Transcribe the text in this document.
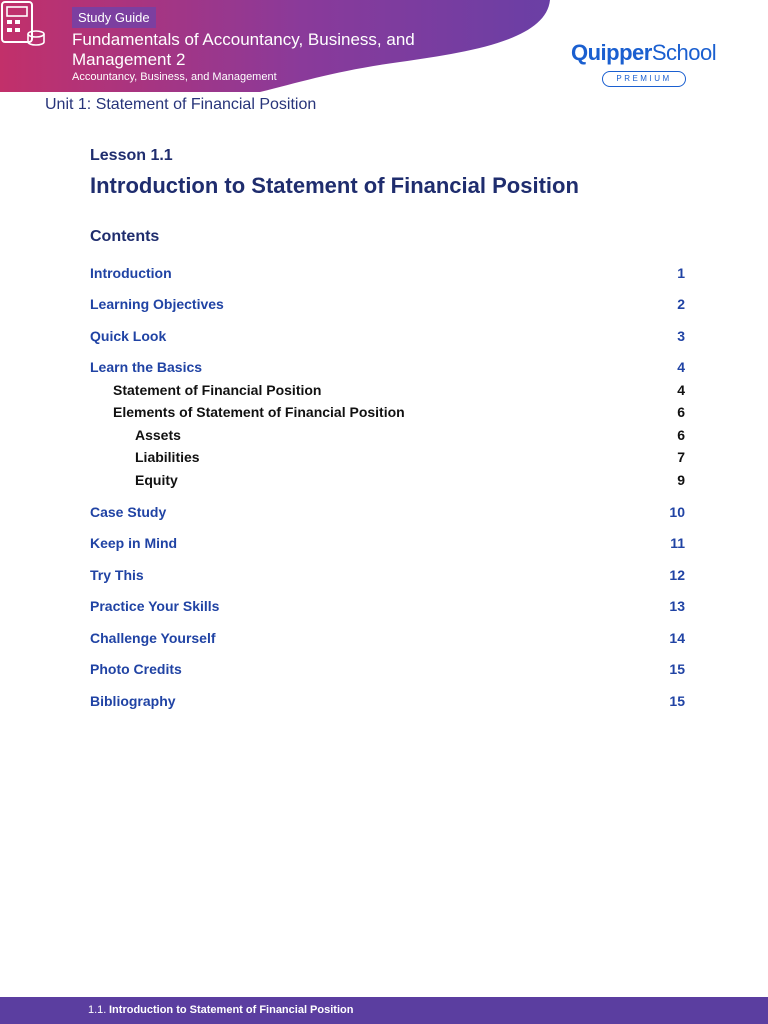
Study Guide
Fundamentals of Accountancy, Business, and Management 2
Accountancy, Business, and Management
QuipperSchool
PREMIUM
Unit 1: Statement of Financial Position
Lesson 1.1
Introduction to Statement of Financial Position
Contents
Introduction	1
Learning Objectives	2
Quick Look	3
Learn the Basics	4
Statement of Financial Position	4
Elements of Statement of Financial Position	6
Assets	6
Liabilities	7
Equity	9
Case Study	10
Keep in Mind	11
Try This	12
Practice Your Skills	13
Challenge Yourself	14
Photo Credits	15
Bibliography	15
1.1. Introduction to Statement of Financial Position
